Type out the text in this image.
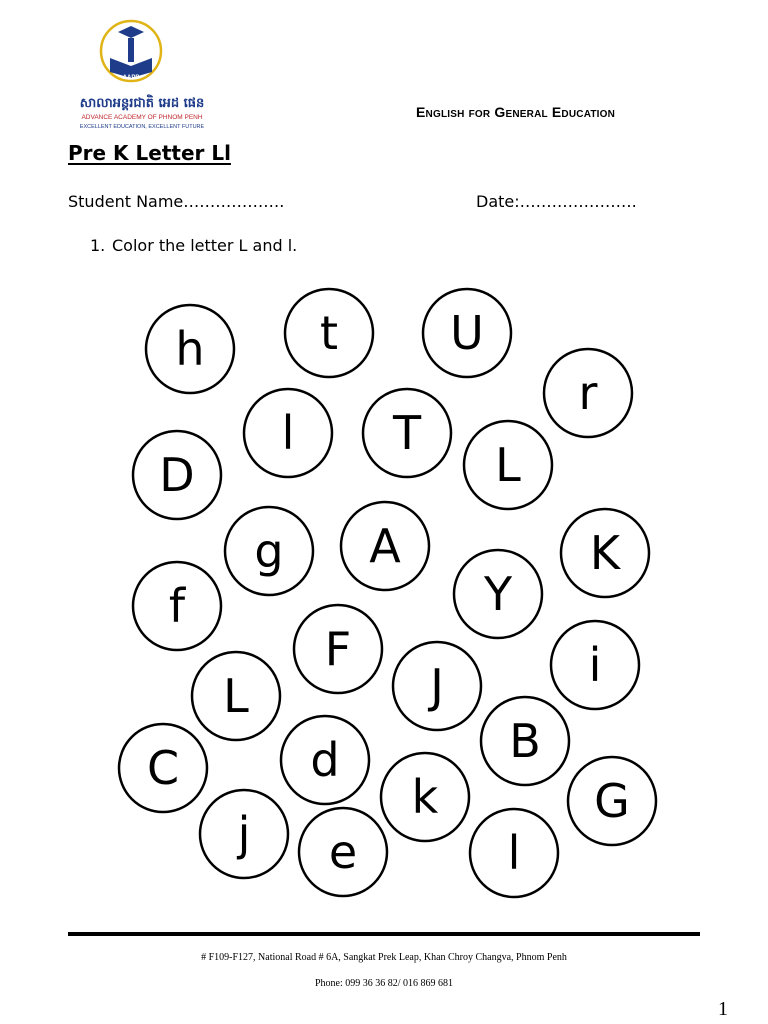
AAPP
សាលាអន្តរជាតិ អេដ ផេន
ADVANCE ACADEMY OF PHNOM PENH
EXCELLENT EDUCATION, EXCELLENT FUTURE
English for General Education
Pre K Letter Ll
Student Name……………….	Date:………………….
1. Color the letter L and l.
h	t U
r
l T
D	L
g A	K
f	Y
F	i
L	J
C	d	B
k	G
j e	l
# F109-F127, National Road # 6A, Sangkat Prek Leap, Khan Chroy Changva, Phnom Penh
Phone: 099 36 36 82/ 016 869 681
1
